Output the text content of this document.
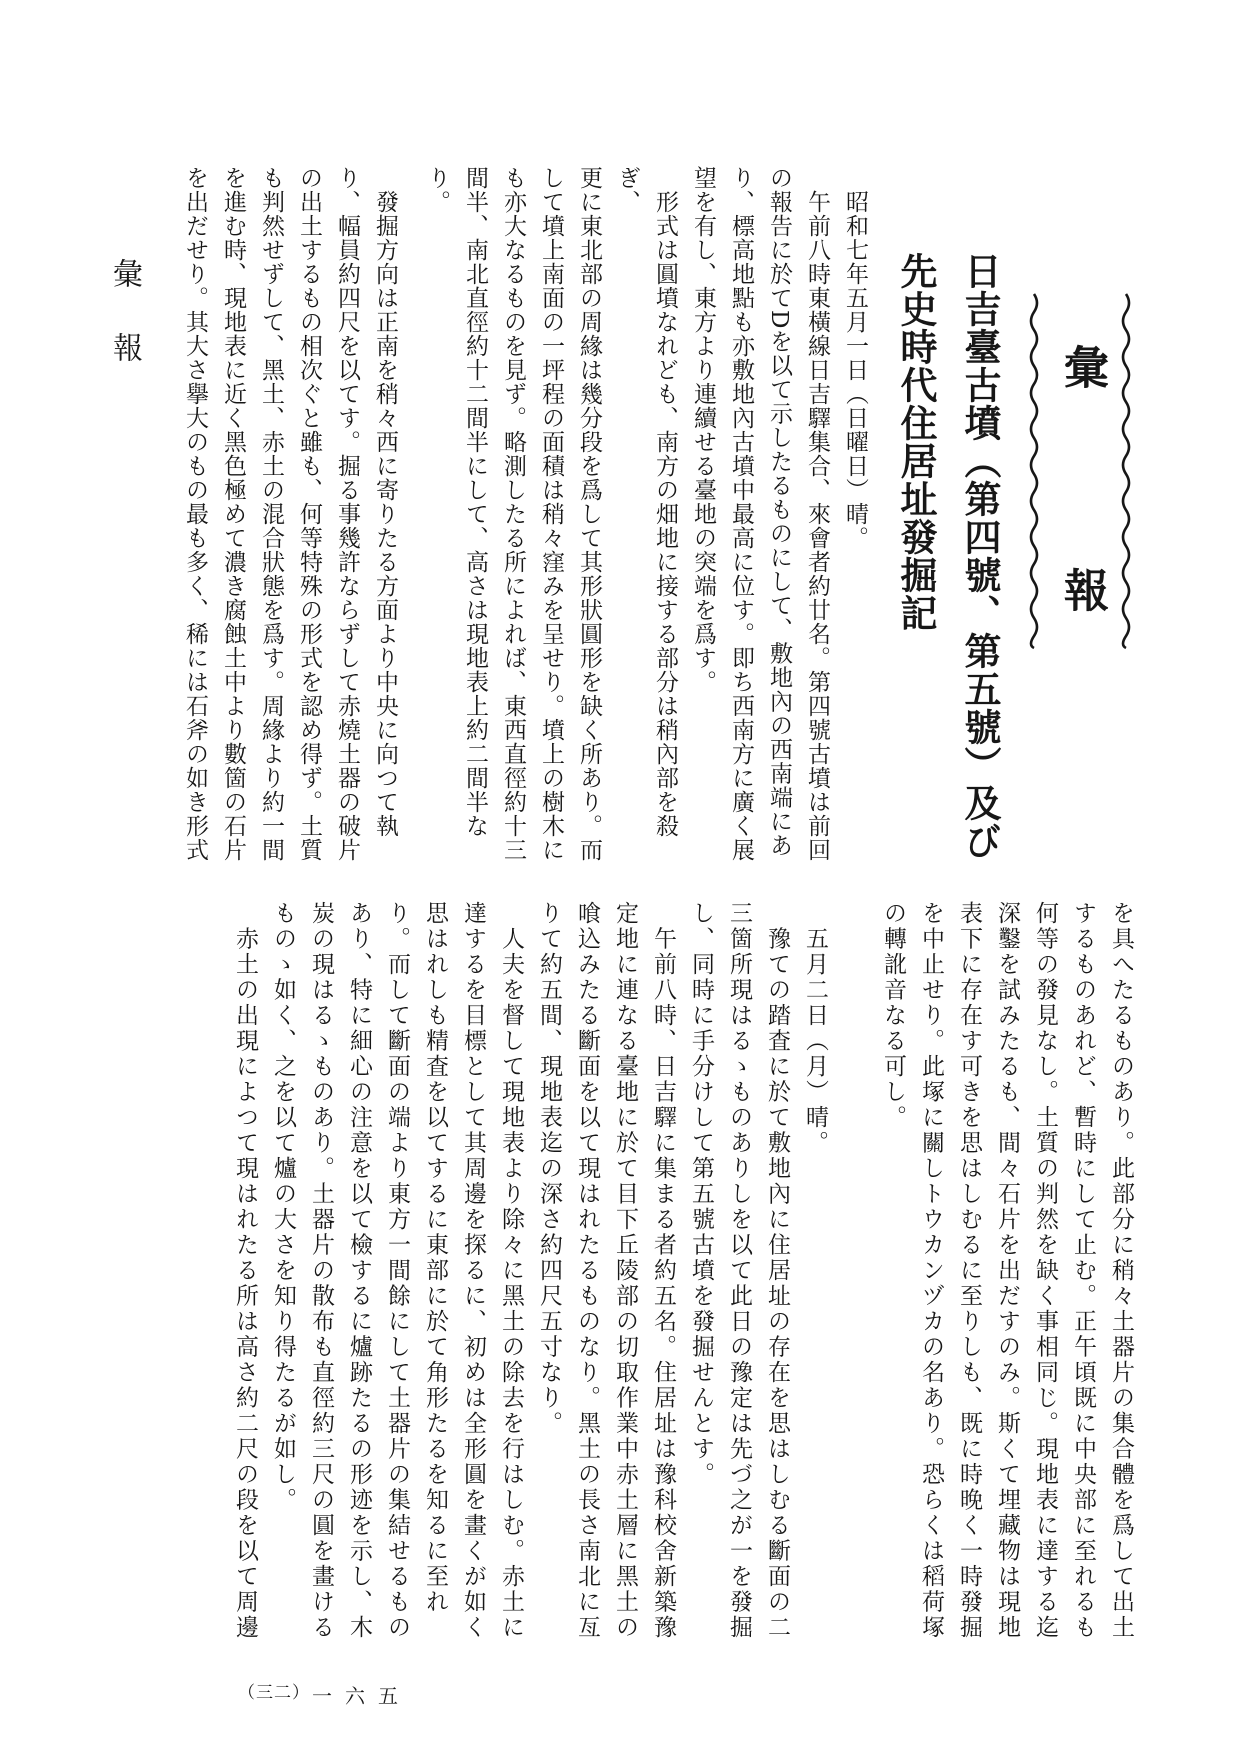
彙報

日吉臺古墳（第四號、第五號）及び

先史時代住居址發掘記

　昭和七年五月一日（日曜日）晴。

　午前八時東橫線日吉驛集合、來會者約廿名。第四號古墳は前回

の報告に於てDを以て示したるものにして、敷地內の西南端にあ

り、標高地點も亦敷地內古墳中最高に位す。即ち西南方に廣く展

望を有し、東方より連續せる臺地の突端を爲す。

　形式は圓墳なれども、南方の畑地に接する部分は稍內部を殺ぎ、

更に東北部の周緣は幾分段を爲して其形狀圓形を缺く所あり。而

して墳上南面の一坪程の面積は稍々窪みを呈せり。墳上の樹木に

も亦大なるものを見ず。略測したる所によれば、東西直徑約十三

間半、南北直徑約十二間半にして、高さは現地表上約二間半な

り。

　發掘方向は正南を稍々西に寄りたる方面より中央に向つて執

り、幅員約四尺を以てす。掘る事幾許ならずして赤燒土器の破片

の出土するもの相次ぐと雖も、何等特殊の形式を認め得ず。土質

も判然せずして、黑土、赤土の混合狀態を爲す。周緣より約一間

を進む時、現地表に近く黑色極めて濃き腐蝕土中より數箇の石片

を出だせり。其大さ擧大のもの最も多く、稀には石斧の如き形式

を具へたるものあり。此部分に稍々土器片の集合體を爲して出土

するものあれど、暫時にして止む。正午頃既に中央部に至れるも

何等の發見なし。土質の判然を缺く事相同じ。現地表に達する迄

深鑿を試みたるも、間々石片を出だすのみ。斯くて埋藏物は現地

表下に存在す可きを思はしむるに至りしも、既に時晚く一時發掘

を中止せり。此塚に關しトウカンヅカの名あり。恐らくは稻荷塚

の轉訛音なる可し。

　五月二日（月）晴。

　豫ての踏査に於て敷地內に住居址の存在を思はしむる斷面の二

三箇所現はるゝものありしを以て此日の豫定は先づ之が一を發掘

し、同時に手分けして第五號古墳を發掘せんとす。

　午前八時、日吉驛に集まる者約五名。住居址は豫科校舍新築豫

定地に連なる臺地に於て目下丘陵部の切取作業中赤土層に黑土の

喰込みたる斷面を以て現はれたるものなり。黑土の長さ南北に亙

りて約五間、現地表迄の深さ約四尺五寸なり。

　人夫を督して現地表より除々に黑土の除去を行はしむ。赤土に

達するを目標として其周邊を探るに、初めは全形圓を畫くが如く

思はれしも精査を以てするに東部に於て角形たるを知るに至れ

り。而して斷面の端より東方一間餘にして土器片の集結せるもの

あり、特に細心の注意を以て檢するに爐跡たるの形迹を示し、木

炭の現はるゝものあり。土器片の散布も直徑約三尺の圓を畫ける

ものゝ如く、之を以て爐の大さを知り得たるが如し。

　赤土の出現によつて現はれたる所は高さ約二尺の段を以て周邊

彙報
（三二） 一六五
